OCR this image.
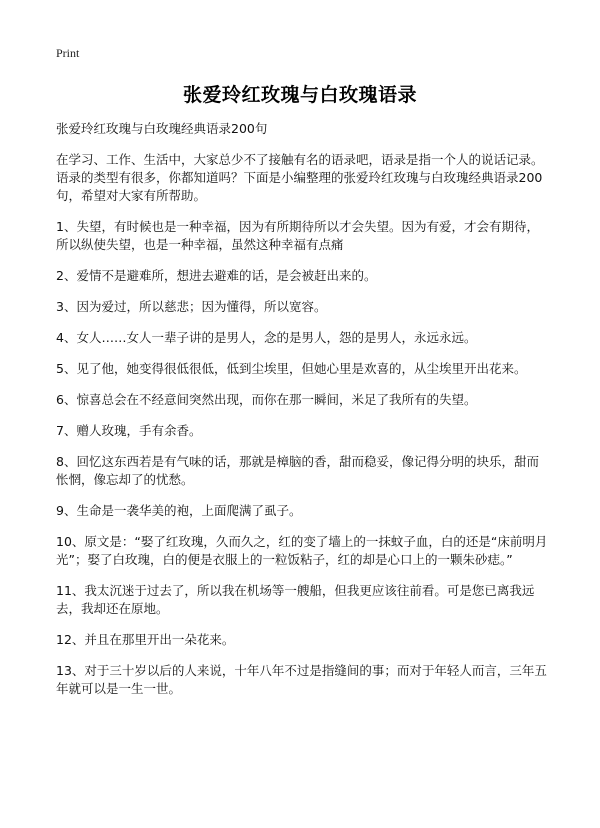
Print
张爱玲红玫瑰与白玫瑰语录

张爱玲红玫瑰与白玫瑰经典语录200句

在学习、工作、生活中，大家总少不了接触有名的语录吧，语录是指一个人的说话记录。语录的类型有很多，你都知道吗？下面是小编整理的张爱玲红玫瑰与白玫瑰经典语录200句，希望对大家有所帮助。

1、失望，有时候也是一种幸福，因为有所期待所以才会失望。因为有爱，才会有期待，所以纵使失望，也是一种幸福，虽然这种幸福有点痛

2、爱情不是避难所，想进去避难的话，是会被赶出来的。

3、因为爱过，所以慈悲；因为懂得，所以宽容。

4、女人……女人一辈子讲的是男人，念的是男人，怨的是男人，永远永远。

5、见了他，她变得很低很低，低到尘埃里，但她心里是欢喜的，从尘埃里开出花来。

6、惊喜总会在不经意间突然出现，而你在那一瞬间，米足了我所有的失望。

7、赠人玫瑰，手有余香。

8、回忆这东西若是有气味的话，那就是樟脑的香，甜而稳妥，像记得分明的块乐，甜而怅惘，像忘却了的忧愁。

9、生命是一袭华美的袍，上面爬满了虱子。

10、原文是：“娶了红玫瑰，久而久之，红的变了墙上的一抹蚊子血，白的还是“床前明月光”；娶了白玫瑰，白的便是衣服上的一粒饭粘子，红的却是心口上的一颗朱砂痣。”

11、我太沉迷于过去了，所以我在机场等一艘船，但我更应该往前看。可是您已离我远去，我却还在原地。

12、并且在那里开出一朵花来。

13、对于三十岁以后的人来说，十年八年不过是指缝间的事；而对于年轻人而言，三年五年就可以是一生一世。
